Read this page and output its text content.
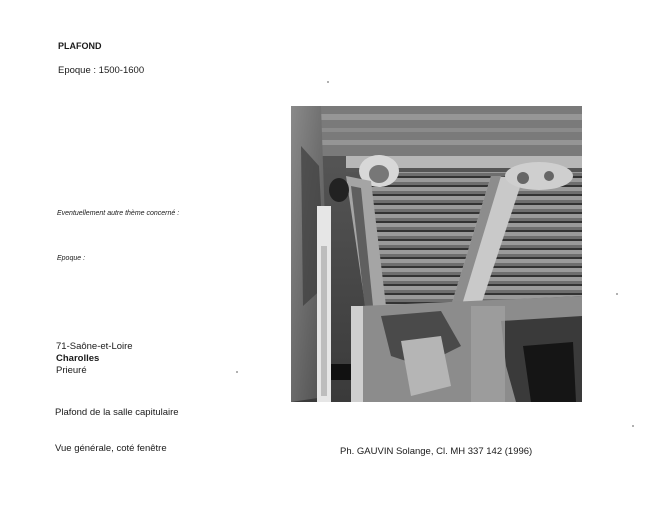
PLAFOND
Epoque : 1500-1600
Eventuellement autre thème concerné :
Epoque :
71-Saône-et-Loire
Charolles
Prieuré
Plafond de la salle capitulaire
Vue générale, coté fenêtre	Ph. GAUVIN Solange, Cl. MH 337 142 (1996)
